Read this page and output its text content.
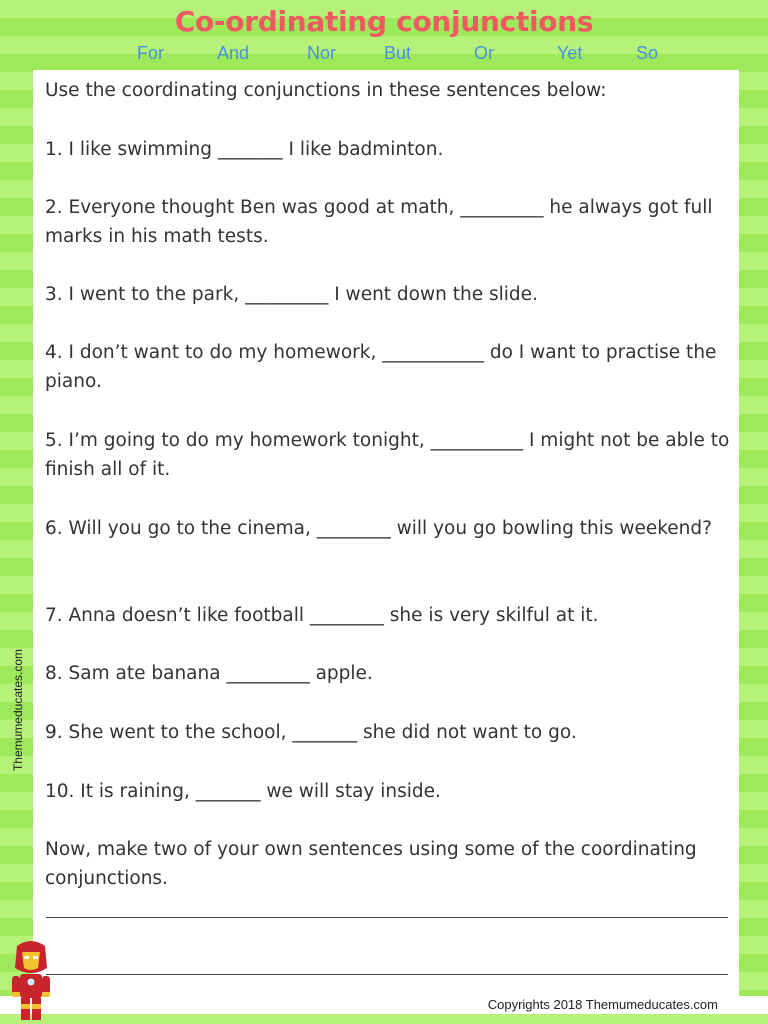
Co-ordinating conjunctions
For	And	Nor	But	Or	Yet	So

Use the coordinating conjunctions in these sentences below:

1. I like swimming _______ I like badminton.

2. Everyone thought Ben was good at math, _________ he always got full marks in his math tests.

3. I went to the park, _________ I went down the slide.

4. I don’t want to do my homework, ___________ do I want to practise the piano.

5. I’m going to do my homework tonight, __________ I might not be able to finish all of it.

6. Will you go to the cinema, ________ will you go bowling this weekend?

7. Anna doesn’t like football ________ she is very skilful at it.

8. Sam ate banana _________ apple.

9. She went to the school, _______ she did not want to go.

10. It is raining, _______ we will stay inside.

Now, make two of your own sentences using some of the coordinating conjunctions.

Themumeducates.com
Copyrights 2018 Themumeducates.com
